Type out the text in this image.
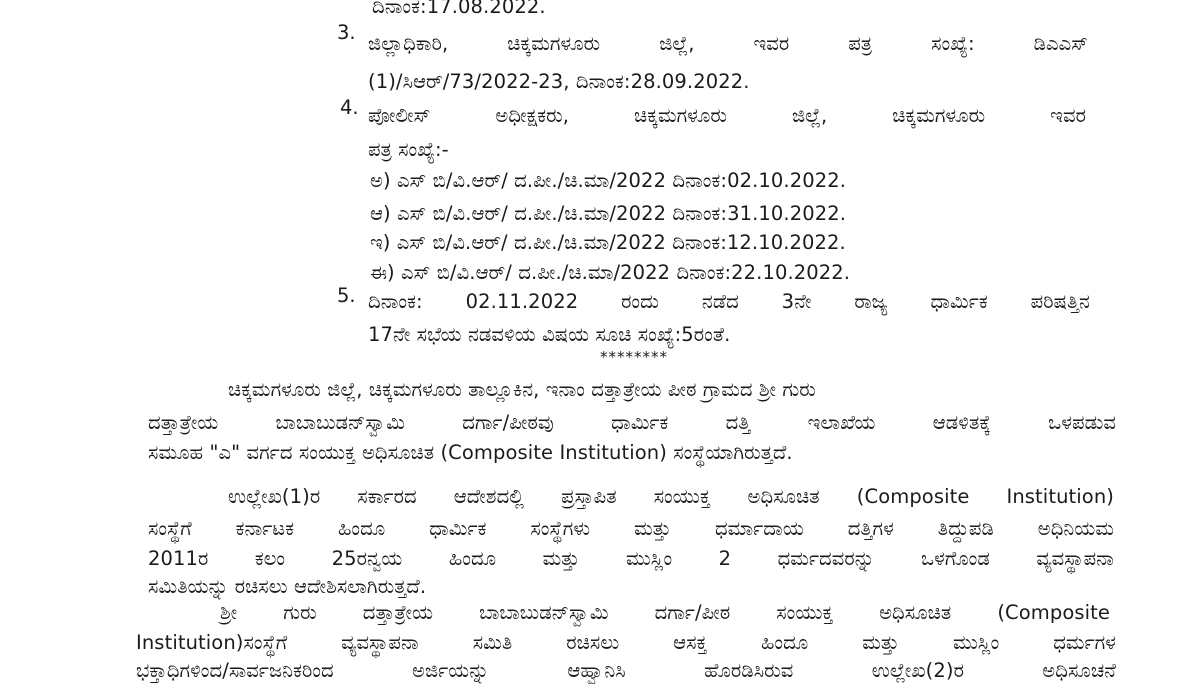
ದಿನಾಂಕ:17.08.2022.
3. ಜಿಲ್ಲಾಧಿಕಾರಿ, ಚಿಕ್ಕಮಗಳೂರು ಜಿಲ್ಲೆ, ಇವರ ಪತ್ರ ಸಂಖ್ಯೆ: ಡಿಎಎಸ್
(1)/ಸಿಆರ್/73/2022-23, ದಿನಾಂಕ:28.09.2022.
4. ಪೋಲೀಸ್ ಅಧೀಕ್ಷಕರು, ಚಿಕ್ಕಮಗಳೂರು ಜಿಲ್ಲೆ, ಚಿಕ್ಕಮಗಳೂರು ಇವರ
ಪತ್ರ ಸಂಖ್ಯೆ:-
ಅ) ಎಸ್ ಬಿ/ವಿ.ಆರ್/ ದ.ಪೀ./ಚಿ.ಮಾ/2022 ದಿನಾಂಕ:02.10.2022.
ಆ) ಎಸ್ ಬಿ/ವಿ.ಆರ್/ ದ.ಪೀ./ಚಿ.ಮಾ/2022 ದಿನಾಂಕ:31.10.2022.
ಇ) ಎಸ್ ಬಿ/ವಿ.ಆರ್/ ದ.ಪೀ./ಚಿ.ಮಾ/2022 ದಿನಾಂಕ:12.10.2022.
ಈ) ಎಸ್ ಬಿ/ವಿ.ಆರ್/ ದ.ಪೀ./ಚಿ.ಮಾ/2022 ದಿನಾಂಕ:22.10.2022.
5. ದಿನಾಂಕ: 02.11.2022 ರಂದು ನಡೆದ 3ನೇ ರಾಜ್ಯ ಧಾರ್ಮಿಕ ಪರಿಷತ್ತಿನ
17ನೇ ಸಭೆಯ ನಡವಳಿಯ ವಿಷಯ ಸೂಚಿ ಸಂಖ್ಯೆ:5ರಂತೆ.
********
ಚಿಕ್ಕಮಗಳೂರು ಜಿಲ್ಲೆ, ಚಿಕ್ಕಮಗಳೂರು ತಾಲ್ಲೂಕಿನ, ಇನಾಂ ದತ್ತಾತ್ರೇಯ ಪೀಠ ಗ್ರಾಮದ ಶ್ರೀ ಗುರು
ದತ್ತಾತ್ರೇಯ ಬಾಬಾಬುಡನ್‌ಸ್ವಾಮಿ ದರ್ಗಾ/ಪೀಠವು ಧಾರ್ಮಿಕ ದತ್ತಿ ಇಲಾಖೆಯ ಆಡಳಿತಕ್ಕೆ ಒಳಪಡುವ
ಸಮೂಹ "ಎ" ವರ್ಗದ ಸಂಯುಕ್ತ ಅಧಿಸೂಚಿತ (Composite Institution) ಸಂಸ್ಥೆಯಾಗಿರುತ್ತದೆ.
ಉಲ್ಲೇಖ(1)ರ ಸರ್ಕಾರದ ಆದೇಶದಲ್ಲಿ ಪ್ರಸ್ತಾಪಿತ ಸಂಯುಕ್ತ ಅಧಿಸೂಚಿತ (Composite Institution)
ಸಂಸ್ಥೆಗೆ ಕರ್ನಾಟಕ ಹಿಂದೂ ಧಾರ್ಮಿಕ ಸಂಸ್ಥೆಗಳು ಮತ್ತು ಧರ್ಮಾದಾಯ ದತ್ತಿಗಳ ತಿದ್ದುಪಡಿ ಅಧಿನಿಯಮ
2011ರ ಕಲಂ 25ರನ್ವಯ ಹಿಂದೂ ಮತ್ತು ಮುಸ್ಲಿಂ 2 ಧರ್ಮದವರನ್ನು ಒಳಗೊಂಡ ವ್ಯವಸ್ಥಾಪನಾ
ಸಮಿತಿಯನ್ನು ರಚಿಸಲು ಆದೇಶಿಸಲಾಗಿರುತ್ತದೆ.
ಶ್ರೀ ಗುರು ದತ್ತಾತ್ರೇಯ ಬಾಬಾಬುಡನ್‌ಸ್ವಾಮಿ ದರ್ಗಾ/ಪೀಠ ಸಂಯುಕ್ತ ಅಧಿಸೂಚಿತ (Composite
Institution)ಸಂಸ್ಥೆಗೆ ವ್ಯವಸ್ಥಾಪನಾ ಸಮಿತಿ ರಚಿಸಲು ಆಸಕ್ತ ಹಿಂದೂ ಮತ್ತು ಮುಸ್ಲಿಂ ಧರ್ಮಗಳ
ಭಕ್ತಾಧಿಗಳಿಂದ/ಸಾರ್ವಜನಿಕರಿಂದ ಅರ್ಜಿಯನ್ನು ಆಹ್ವಾನಿಸಿ ಹೊರಡಿಸಿರುವ ಉಲ್ಲೇಖ(2)ರ ಅಧಿಸೂಚನೆ
